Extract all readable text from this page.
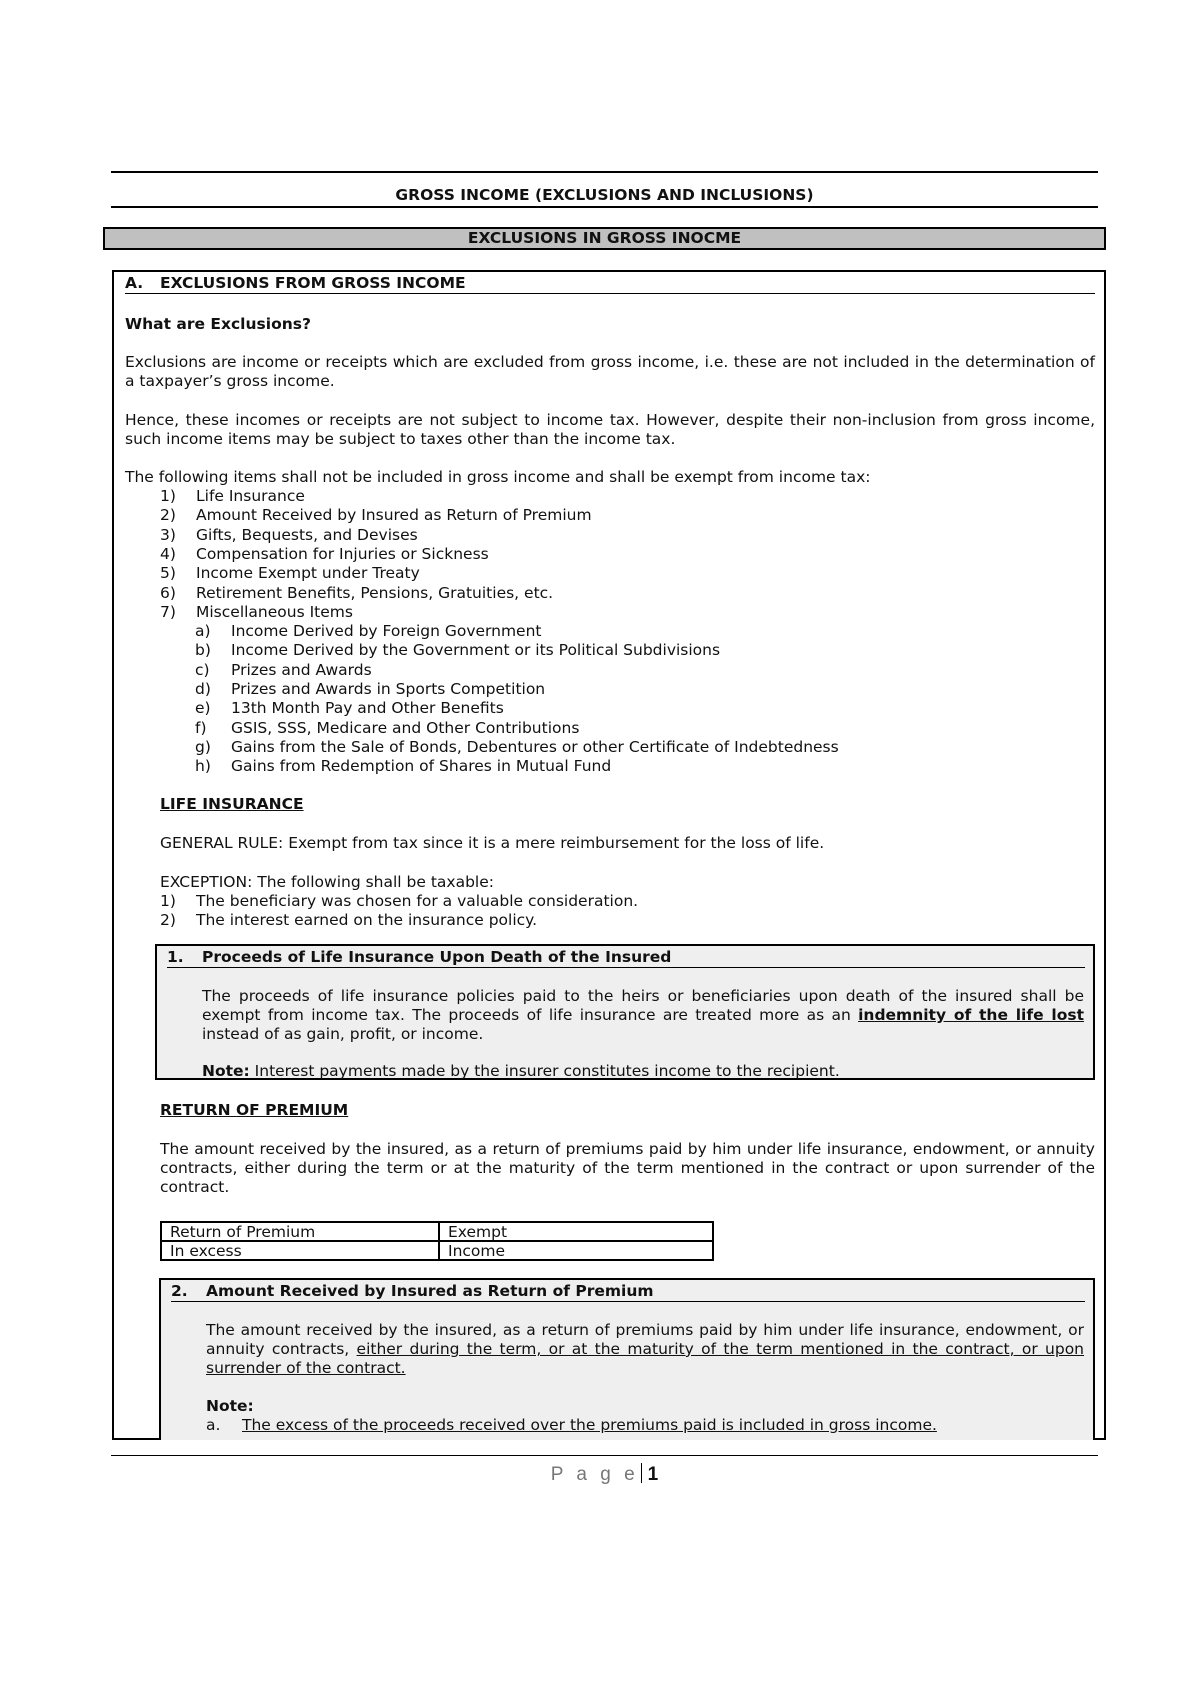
GROSS INCOME (EXCLUSIONS AND INCLUSIONS)
EXCLUSIONS IN GROSS INOCME
A. EXCLUSIONS FROM GROSS INCOME
What are Exclusions?
Exclusions are income or receipts which are excluded from gross income, i.e. these are not included in the determination of a taxpayer’s gross income.
Hence, these incomes or receipts are not subject to income tax. However, despite their non-inclusion from gross income, such income items may be subject to taxes other than the income tax.
The following items shall not be included in gross income and shall be exempt from income tax:
1) Life Insurance
2) Amount Received by Insured as Return of Premium
3) Gifts, Bequests, and Devises
4) Compensation for Injuries or Sickness
5) Income Exempt under Treaty
6) Retirement Benefits, Pensions, Gratuities, etc.
7) Miscellaneous Items
a) Income Derived by Foreign Government
b) Income Derived by the Government or its Political Subdivisions
c) Prizes and Awards
d) Prizes and Awards in Sports Competition
e) 13th Month Pay and Other Benefits
f) GSIS, SSS, Medicare and Other Contributions
g) Gains from the Sale of Bonds, Debentures or other Certificate of Indebtedness
h) Gains from Redemption of Shares in Mutual Fund
LIFE INSURANCE
GENERAL RULE: Exempt from tax since it is a mere reimbursement for the loss of life.
EXCEPTION: The following shall be taxable:
1) The beneficiary was chosen for a valuable consideration.
2) The interest earned on the insurance policy.
1. Proceeds of Life Insurance Upon Death of the Insured
The proceeds of life insurance policies paid to the heirs or beneficiaries upon death of the insured shall be exempt from income tax. The proceeds of life insurance are treated more as an indemnity of the life lost instead of as gain, profit, or income.
Note: Interest payments made by the insurer constitutes income to the recipient.
RETURN OF PREMIUM
The amount received by the insured, as a return of premiums paid by him under life insurance, endowment, or annuity contracts, either during the term or at the maturity of the term mentioned in the contract or upon surrender of the contract.
Return of Premium	Exempt
In excess	Income
2. Amount Received by Insured as Return of Premium
The amount received by the insured, as a return of premiums paid by him under life insurance, endowment, or annuity contracts, either during the term, or at the maturity of the term mentioned in the contract, or upon surrender of the contract.
Note:
a. The excess of the proceeds received over the premiums paid is included in gross income.
P a g e 1
